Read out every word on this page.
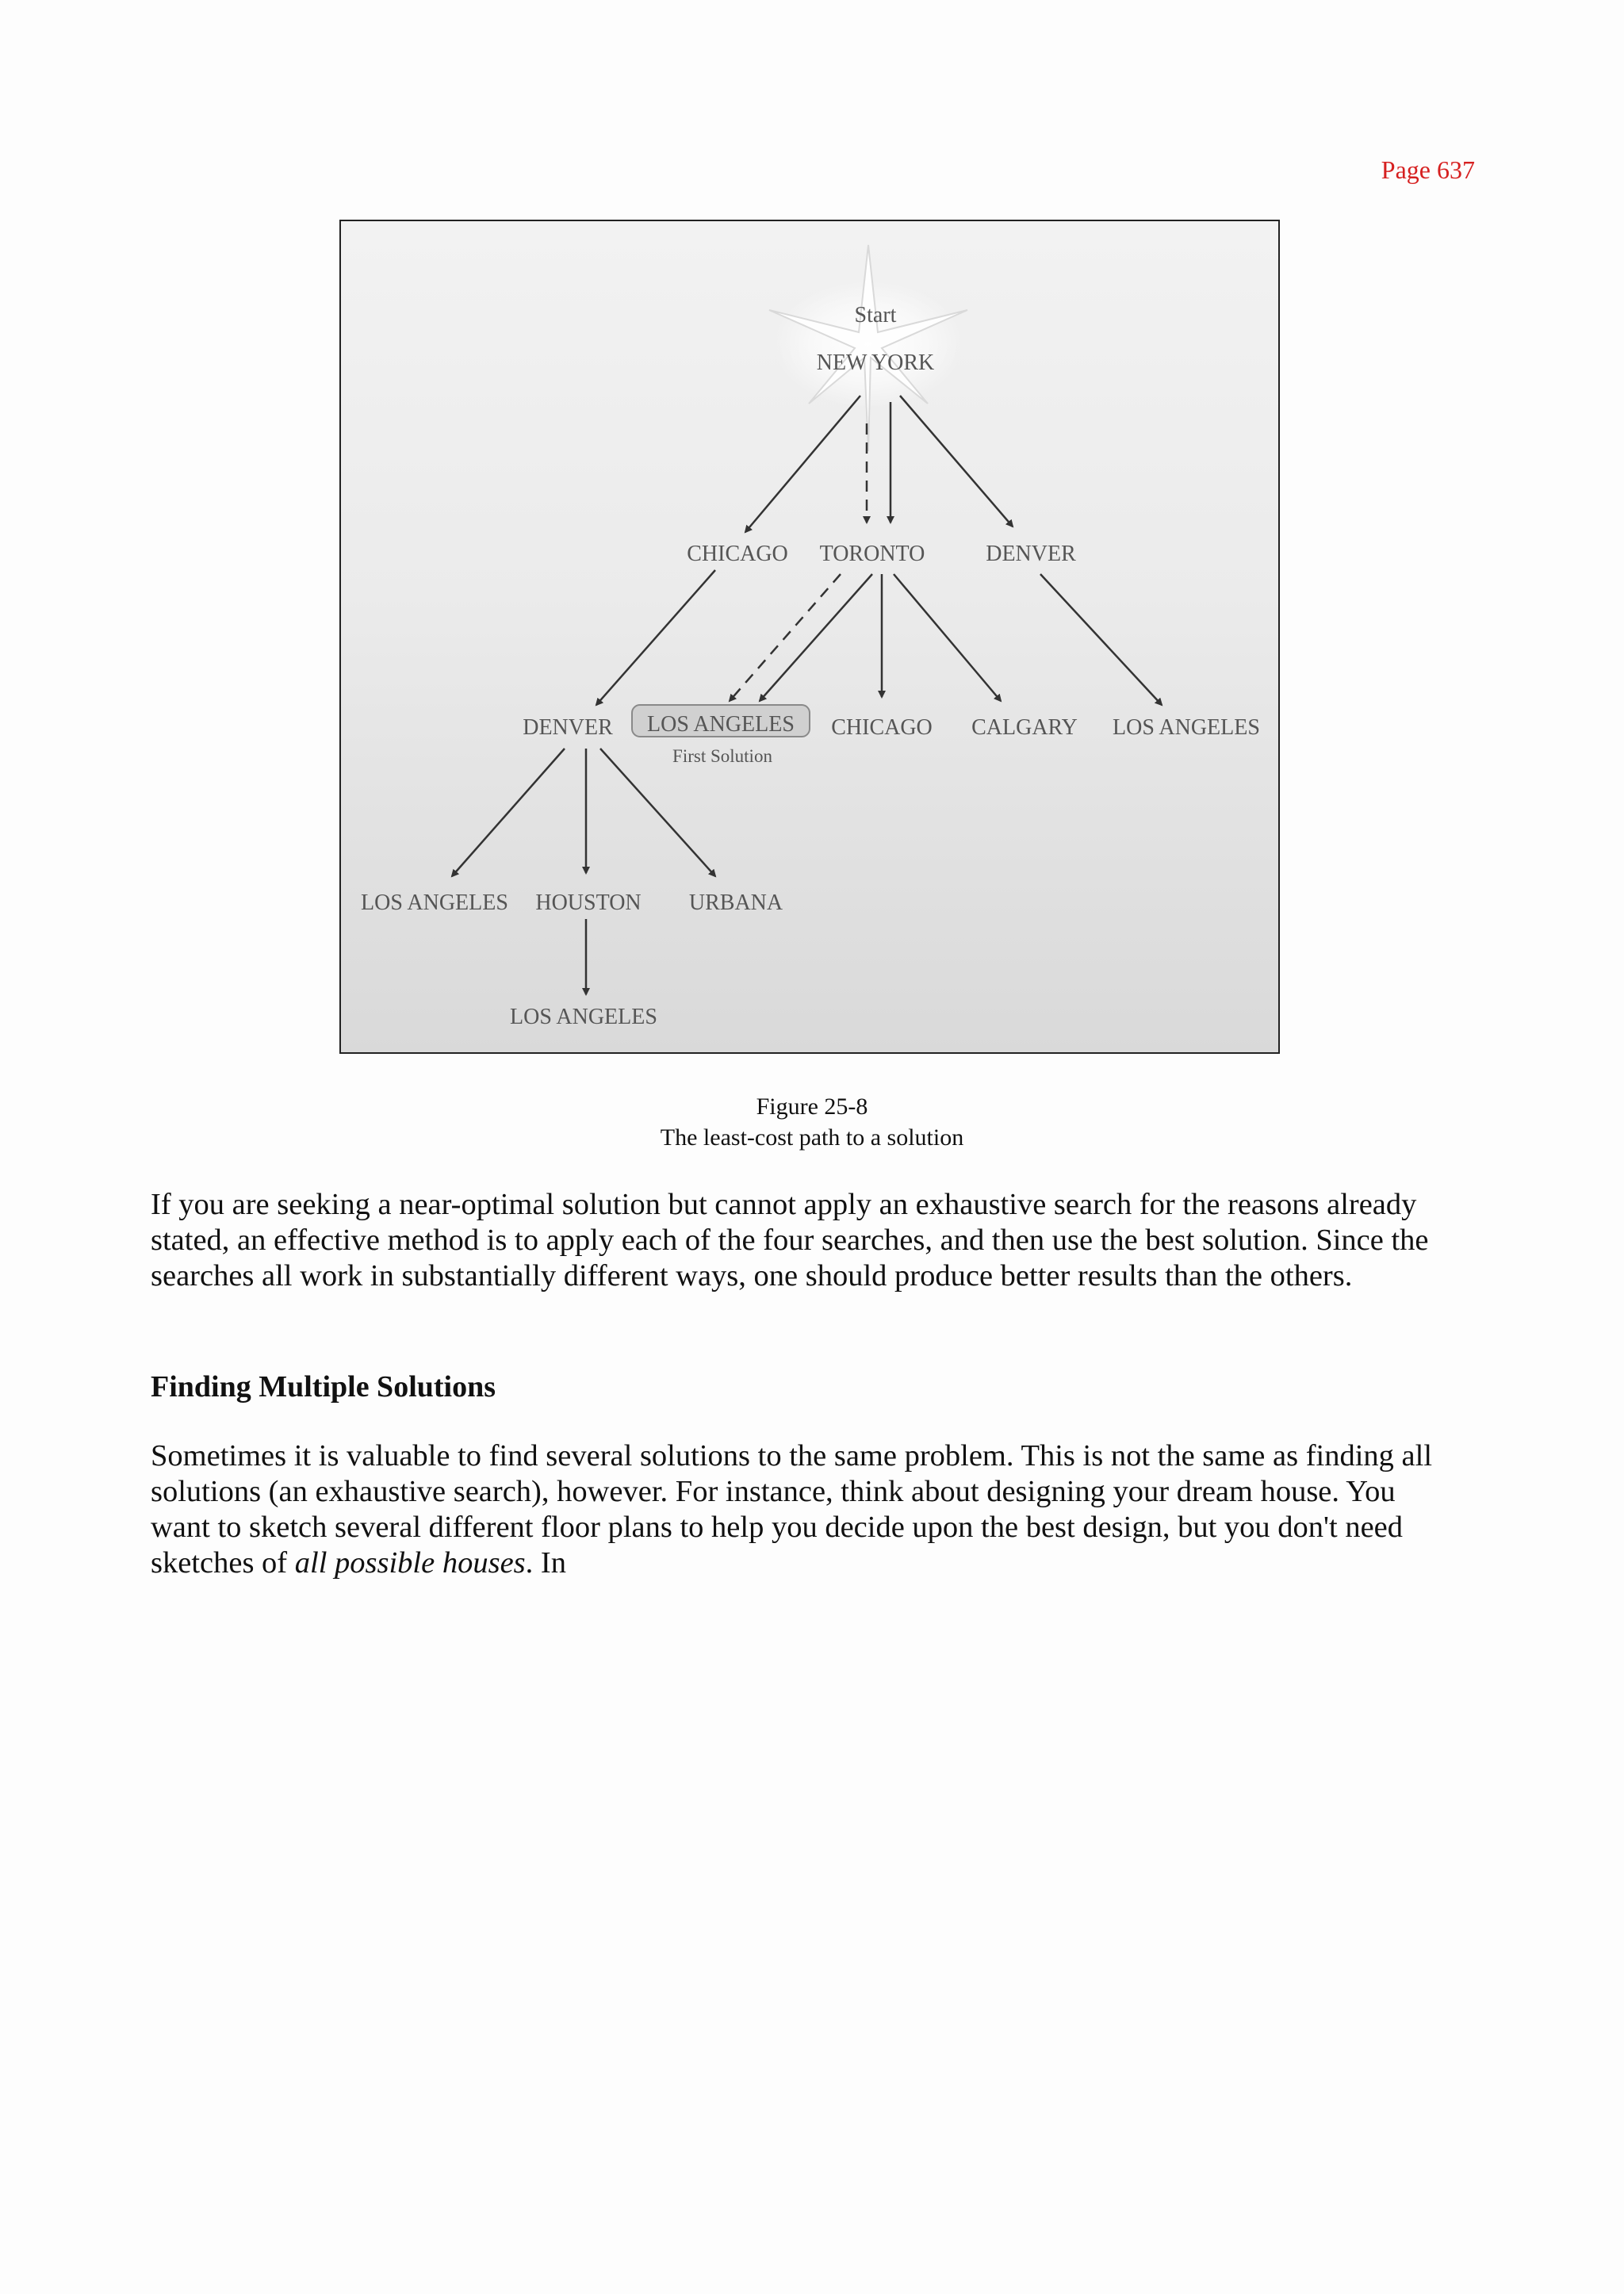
Page 637
Start
NEW YORK
CHICAGO TORONTO	DENVER
DENVER LOS ANGELES
First Solution
CHICAGO CALGARY LOS ANGELES
LOS ANGELES HOUSTON URBANA
LOS ANGELES
Figure 25-8
The least-cost path to a solution

If you are seeking a near-optimal solution but cannot apply an exhaustive search for the reasons already stated, an effective method is to apply each of the four searches, and then use the best solution. Since the searches all work in substantially different ways, one should produce better results than the others.

Finding Multiple Solutions

Sometimes it is valuable to find several solutions to the same problem. This is not the same as finding all solutions (an exhaustive search), however. For instance, think about designing your dream house. You want to sketch several different floor plans to help you decide upon the best design, but you don't need sketches of all possible houses. In
